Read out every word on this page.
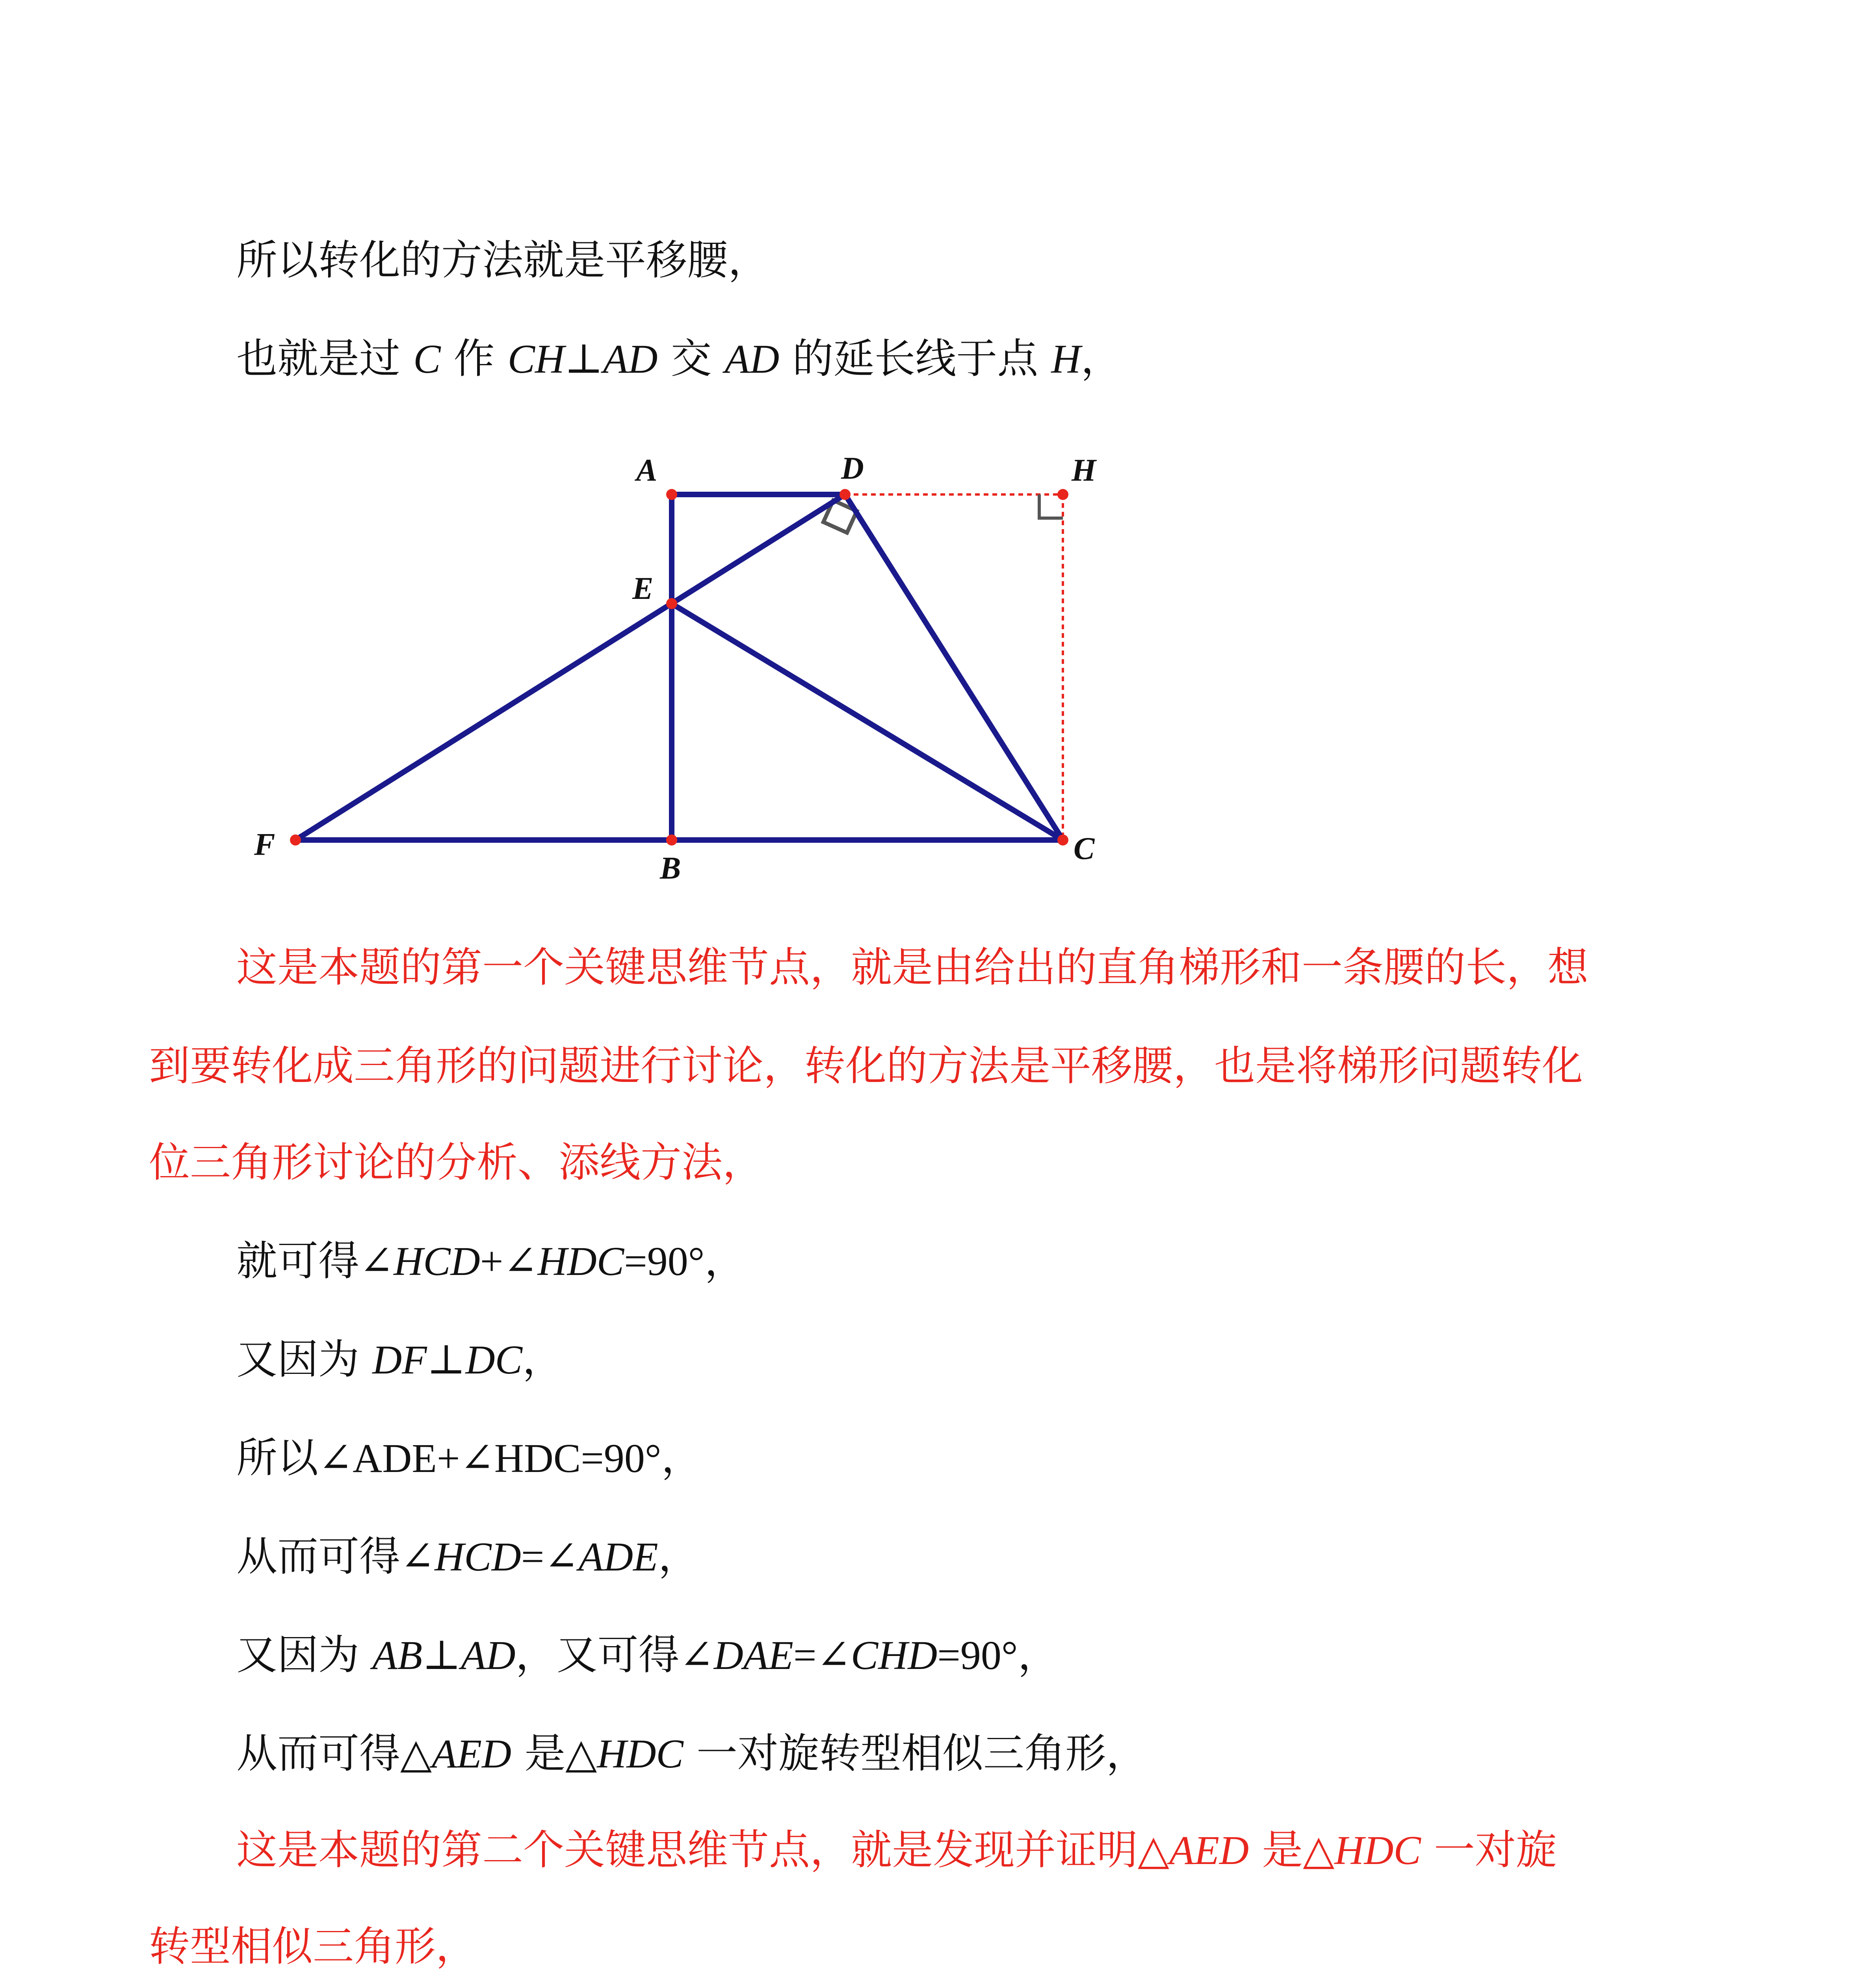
所以转化的方法就是平移腰，
也就是过 C 作 CH⊥AD 交 AD 的延长线于点 H，
这是本题的第一个关键思维节点，就是由给出的直角梯形和一条腰的长，想
到要转化成三角形的问题进行讨论，转化的方法是平移腰，也是将梯形问题转化
位三角形讨论的分析、添线方法，
就可得∠HCD+∠HDC=90°，
又因为 DF⊥DC，
所以∠ADE+∠HDC=90°，
从而可得∠HCD=∠ADE，
又因为 AB⊥AD，又可得∠DAE=∠CHD=90°，
从而可得△AED 是△HDC 一对旋转型相似三角形，
这是本题的第二个关键思维节点，就是发现并证明△AED 是△HDC 一对旋
转型相似三角形，
A	D	H
E
F
B
C
